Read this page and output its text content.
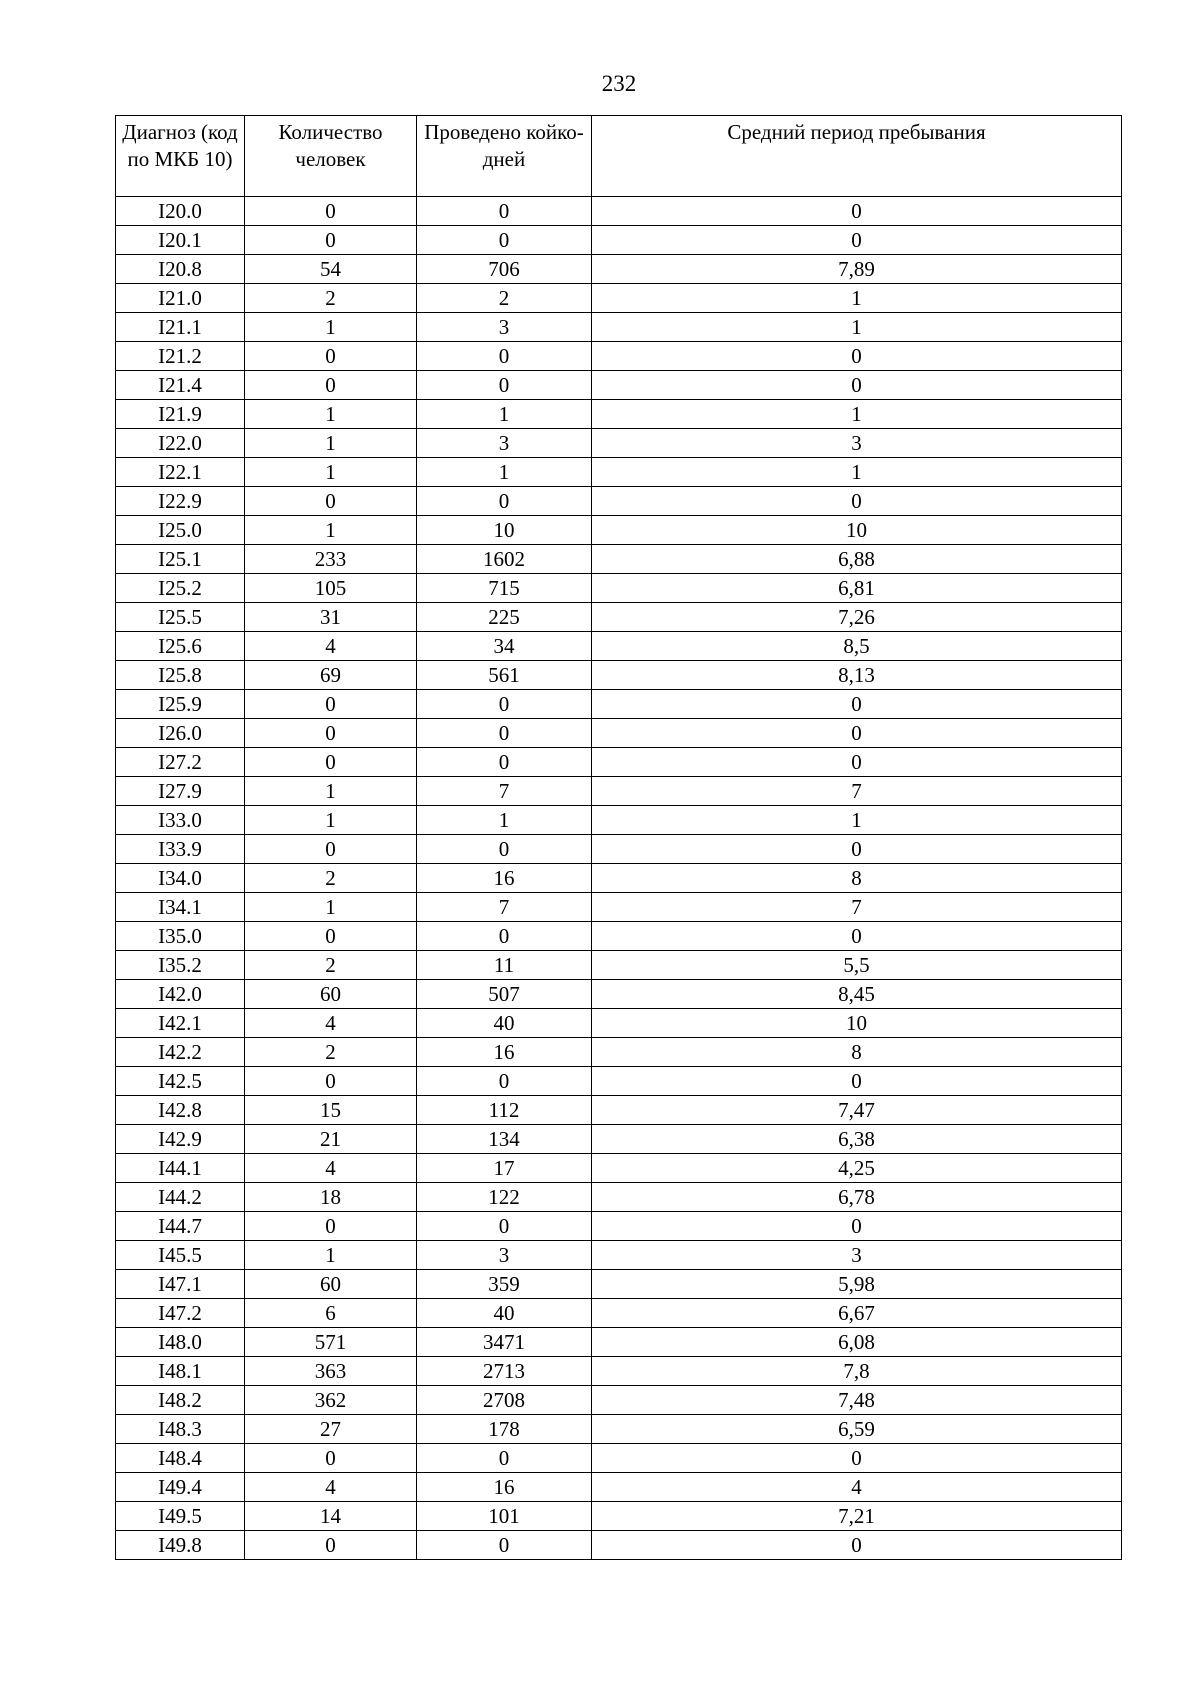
232
Диагноз (код по МКБ 10)	Количество человек	Проведено койко-дней	Средний период пребывания
I20.0	0	0	0
I20.1	0	0	0
I20.8	54	706	7,89
I21.0	2	2	1
I21.1	1	3	1
I21.2	0	0	0
I21.4	0	0	0
I21.9	1	1	1
I22.0	1	3	3
I22.1	1	1	1
I22.9	0	0	0
I25.0	1	10	10
I25.1	233	1602	6,88
I25.2	105	715	6,81
I25.5	31	225	7,26
I25.6	4	34	8,5
I25.8	69	561	8,13
I25.9	0	0	0
I26.0	0	0	0
I27.2	0	0	0
I27.9	1	7	7
I33.0	1	1	1
I33.9	0	0	0
I34.0	2	16	8
I34.1	1	7	7
I35.0	0	0	0
I35.2	2	11	5,5
I42.0	60	507	8,45
I42.1	4	40	10
I42.2	2	16	8
I42.5	0	0	0
I42.8	15	112	7,47
I42.9	21	134	6,38
I44.1	4	17	4,25
I44.2	18	122	6,78
I44.7	0	0	0
I45.5	1	3	3
I47.1	60	359	5,98
I47.2	6	40	6,67
I48.0	571	3471	6,08
I48.1	363	2713	7,8
I48.2	362	2708	7,48
I48.3	27	178	6,59
I48.4	0	0	0
I49.4	4	16	4
I49.5	14	101	7,21
I49.8	0	0	0
